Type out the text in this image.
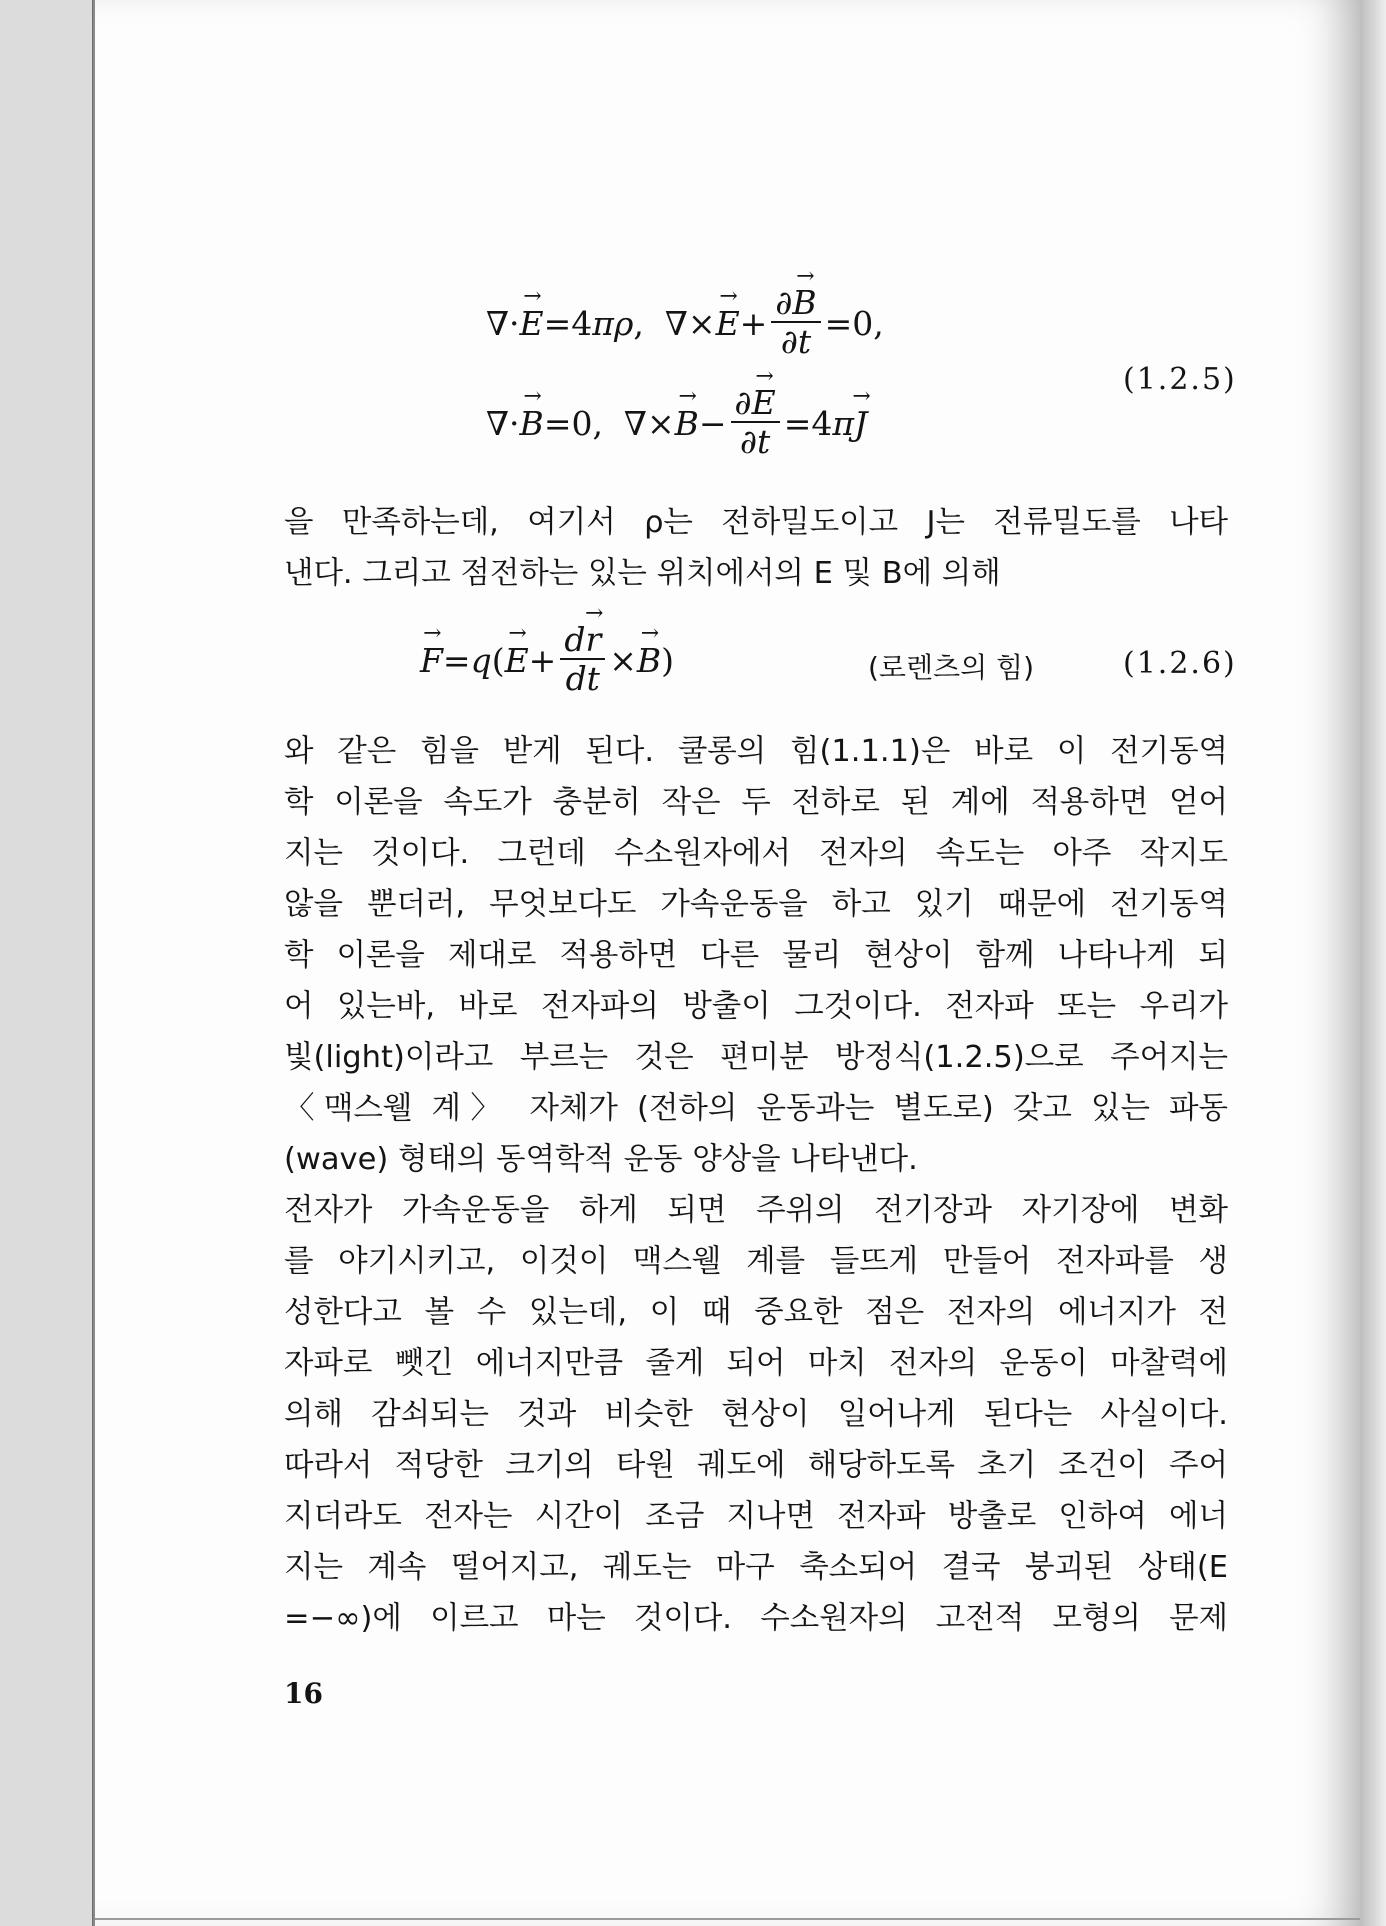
∇· → E =4 πρ ,  ∇× → $E + \frac{\partial\to B}{\partial t} =0$,
∇· → B =0,  ∇× → $B - \frac{\partial\to E}{\partial t} =4$ π → J
(1.2.5)
을 만족하는데, 여기서 ρ는 전하밀도이고 J는 전류밀도를 나타
낸다. 그리고 점전하는 있는 위치에서의 E 및 B에 의해
→ F = q ( → $E + \frac{d\to r}{dt}$ × → B )	(로렌츠의 힘)	(1.2.6)
와 같은 힘을 받게 된다. 쿨롱의 힘(1.1.1)은 바로 이 전기동역
학 이론을 속도가 충분히 작은 두 전하로 된 계에 적용하면 얻어
지는 것이다. 그런데 수소원자에서 전자의 속도는 아주 작지도
않을 뿐더러, 무엇보다도 가속운동을 하고 있기 때문에 전기동역
학 이론을 제대로 적용하면 다른 물리 현상이 함께 나타나게 되
어 있는바, 바로 전자파의 방출이 그것이다. 전자파 또는 우리가
빛(light)이라고 부르는 것은 편미분 방정식(1.2.5)으로 주어지는
〈맥스웰 계〉 자체가 (전하의 운동과는 별도로) 갖고 있는 파동
(wave) 형태의 동역학적 운동 양상을 나타낸다.
전자가 가속운동을 하게 되면 주위의 전기장과 자기장에 변화
를 야기시키고, 이것이 맥스웰 계를 들뜨게 만들어 전자파를 생
성한다고 볼 수 있는데, 이 때 중요한 점은 전자의 에너지가 전
자파로 뺏긴 에너지만큼 줄게 되어 마치 전자의 운동이 마찰력에
의해 감쇠되는 것과 비슷한 현상이 일어나게 된다는 사실이다.
따라서 적당한 크기의 타원 궤도에 해당하도록 초기 조건이 주어
지더라도 전자는 시간이 조금 지나면 전자파 방출로 인하여 에너
지는 계속 떨어지고, 궤도는 마구 축소되어 결국 붕괴된 상태(E
=−∞)에 이르고 마는 것이다. 수소원자의 고전적 모형의 문제
16
